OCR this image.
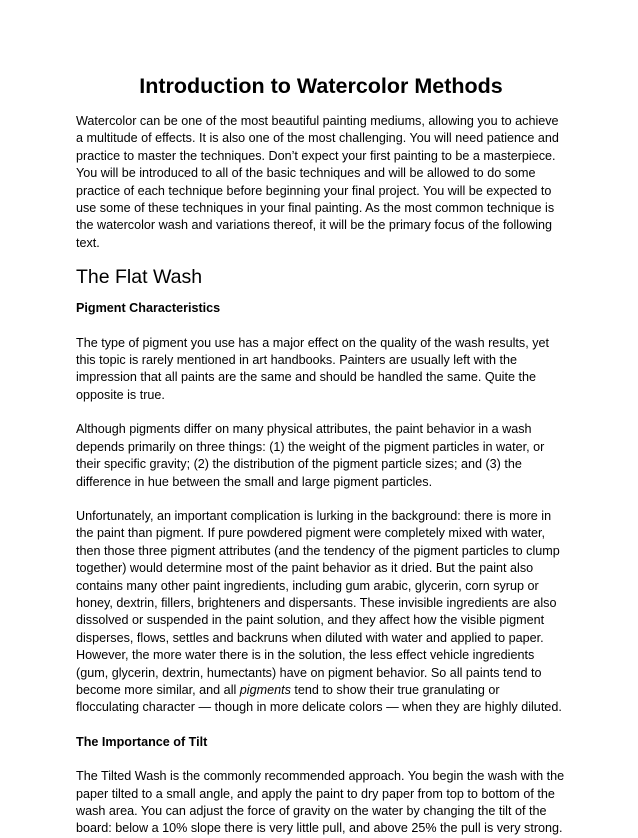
Introduction to Watercolor Methods

Watercolor can be one of the most beautiful painting mediums, allowing you to achieve a multitude of effects. It is also one of the most challenging. You will need patience and practice to master the techniques. Don’t expect your first painting to be a masterpiece. You will be introduced to all of the basic techniques and will be allowed to do some practice of each technique before beginning your final project. You will be expected to use some of these techniques in your final painting. As the most common technique is the watercolor wash and variations thereof, it will be the primary focus of the following text.

The Flat Wash
Pigment Characteristics

The type of pigment you use has a major effect on the quality of the wash results, yet this topic is rarely mentioned in art handbooks. Painters are usually left with the impression that all paints are the same and should be handled the same. Quite the opposite is true.

Although pigments differ on many physical attributes, the paint behavior in a wash depends primarily on three things: (1) the weight of the pigment particles in water, or their specific gravity; (2) the distribution of the pigment particle sizes; and (3) the difference in hue between the small and large pigment particles.

Unfortunately, an important complication is lurking in the background: there is more in the paint than pigment. If pure powdered pigment were completely mixed with water, then those three pigment attributes (and the tendency of the pigment particles to clump together) would determine most of the paint behavior as it dried. But the paint also contains many other paint ingredients, including gum arabic, glycerin, corn syrup or honey, dextrin, fillers, brighteners and dispersants. These invisible ingredients are also dissolved or suspended in the paint solution, and they affect how the visible pigment disperses, flows, settles and backruns when diluted with water and applied to paper. However, the more water there is in the solution, the less effect vehicle ingredients (gum, glycerin, dextrin, humectants) have on pigment behavior. So all paints tend to become more similar, and all pigments tend to show their true granulating or flocculating character — though in more delicate colors — when they are highly diluted.

The Importance of Tilt

The Tilted Wash is the commonly recommended approach. You begin the wash with the paper tilted to a small angle, and apply the paint to dry paper from top to bottom of the wash area. You can adjust the force of gravity on the water by changing the tilt of the board: below a 10% slope there is very little pull, and above 25% the pull is very strong.
